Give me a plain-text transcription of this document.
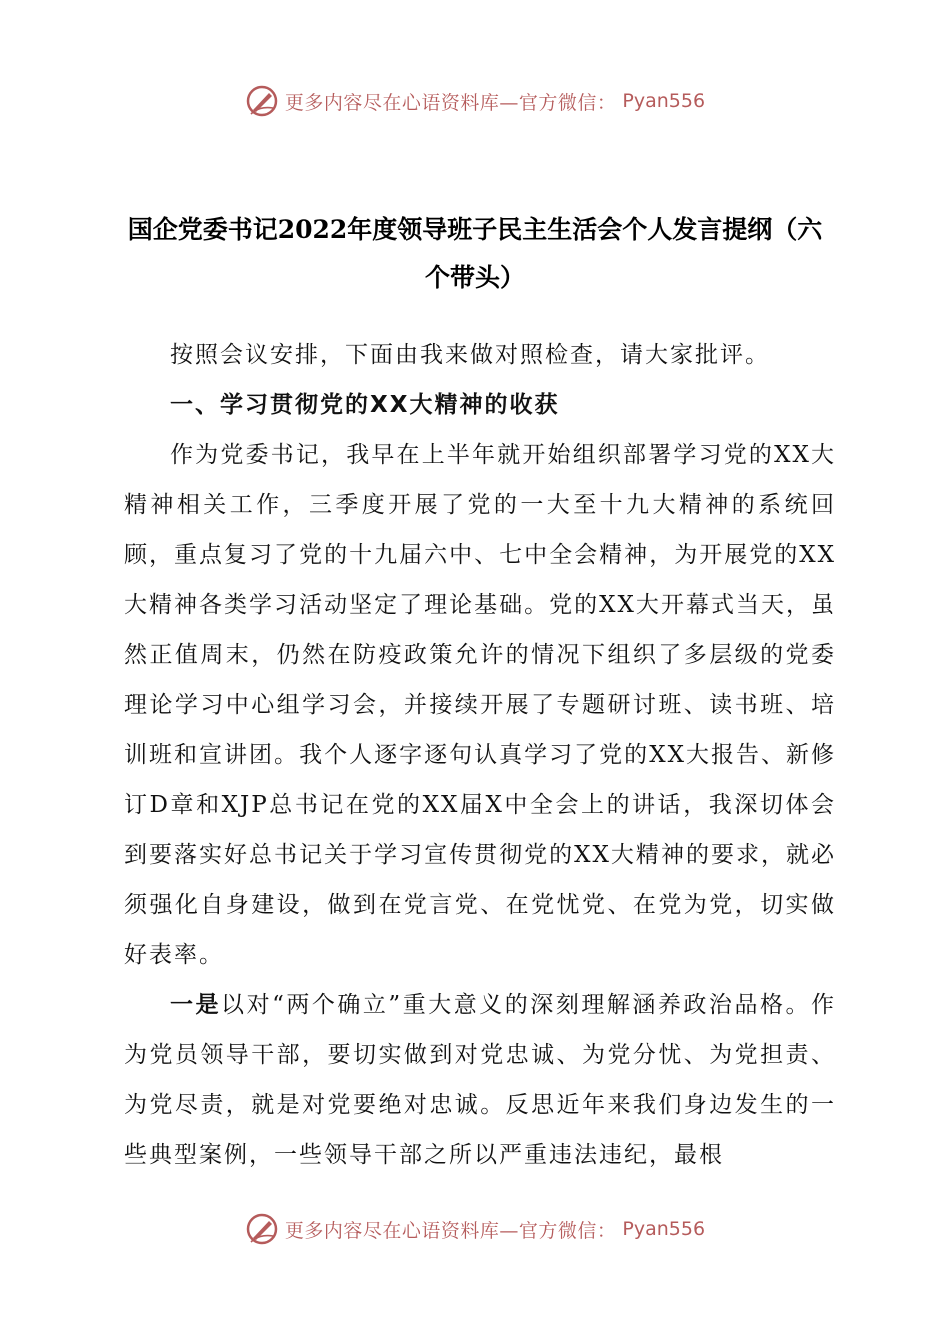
更多内容尽在心语资料库—官方微信： Pyan556
国企党委书记2022年度领导班子民主生活会个人发言提纲（六个带头）

按照会议安排，下面由我来做对照检查，请大家批评。

一、学习贯彻党的XX大精神的收获

作为党委书记，我早在上半年就开始组织部署学习党的XX大精神相关工作，三季度开展了党的一大至十九大精神的系统回顾，重点复习了党的十九届六中、七中全会精神，为开展党的XX大精神各类学习活动坚定了理论基础。党的XX大开幕式当天，虽然正值周末，仍然在防疫政策允许的情况下组织了多层级的党委理论学习中心组学习会，并接续开展了专题研讨班、读书班、培训班和宣讲团。我个人逐字逐句认真学习了党的XX大报告、新修订D章和XJP总书记在党的XX届X中全会上的讲话，我深切体会到要落实好总书记关于学习宣传贯彻党的XX大精神的要求，就必须强化自身建设，做到在党言党、在党忧党、在党为党，切实做好表率。

一是以对“两个确立”重大意义的深刻理解涵养政治品格。作为党员领导干部，要切实做到对党忠诚、为党分忧、为党担责、为党尽责，就是对党要绝对忠诚。反思近年来我们身边发生的一些典型案例，一些领导干部之所以严重违法违纪，最根

更多内容尽在心语资料库—官方微信： Pyan556
